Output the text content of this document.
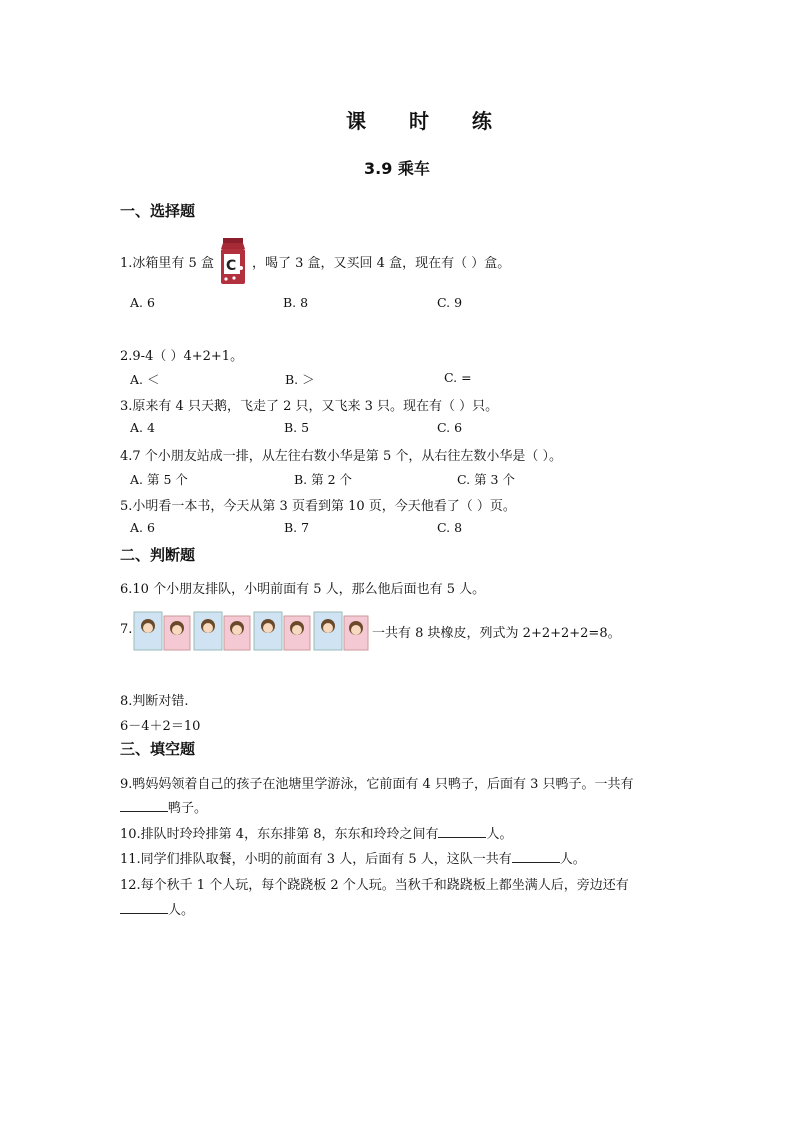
课 时 练
3.9 乘车
一、选择题
1.冰箱里有 5 盒 C ，喝了 3 盒，又买回 4 盒，现在有（ ）盒。
A. 6	B. 8	C. 9
2.9-4（ ）4+2+1。
A. ＜	B. ＞	C. =
3.原来有 4 只天鹅，飞走了 2 只，又飞来 3 只。现在有（ ）只。
A. 4	B. 5	C. 6
4.7 个小朋友站成一排，从左往右数小华是第 5 个，从右往左数小华是（ ）。
A. 第 5 个	B. 第 2 个	C. 第 3 个
5.小明看一本书，今天从第 3 页看到第 10 页，今天他看了（ ）页。
A. 6	B. 7	C. 8
二、判断题
6.10 个小朋友排队，小明前面有 5 人，那么他后面也有 5 人。
7.	一共有 8 块橡皮，列式为 2+2+2+2=8。
8.判断对错.
6－4＋2＝10
三、填空题
9.鸭妈妈领着自己的孩子在池塘里学游泳，它前面有 4 只鸭子，后面有 3 只鸭子。一共有
鸭子。
10.排队时玲玲排第 4，东东排第 8，东东和玲玲之间有	人。
11.同学们排队取餐，小明的前面有 3 人，后面有 5 人，这队一共有	人。
12.每个秋千 1 个人玩，每个跷跷板 2 个人玩。当秋千和跷跷板上都坐满人后，旁边还有
人。
